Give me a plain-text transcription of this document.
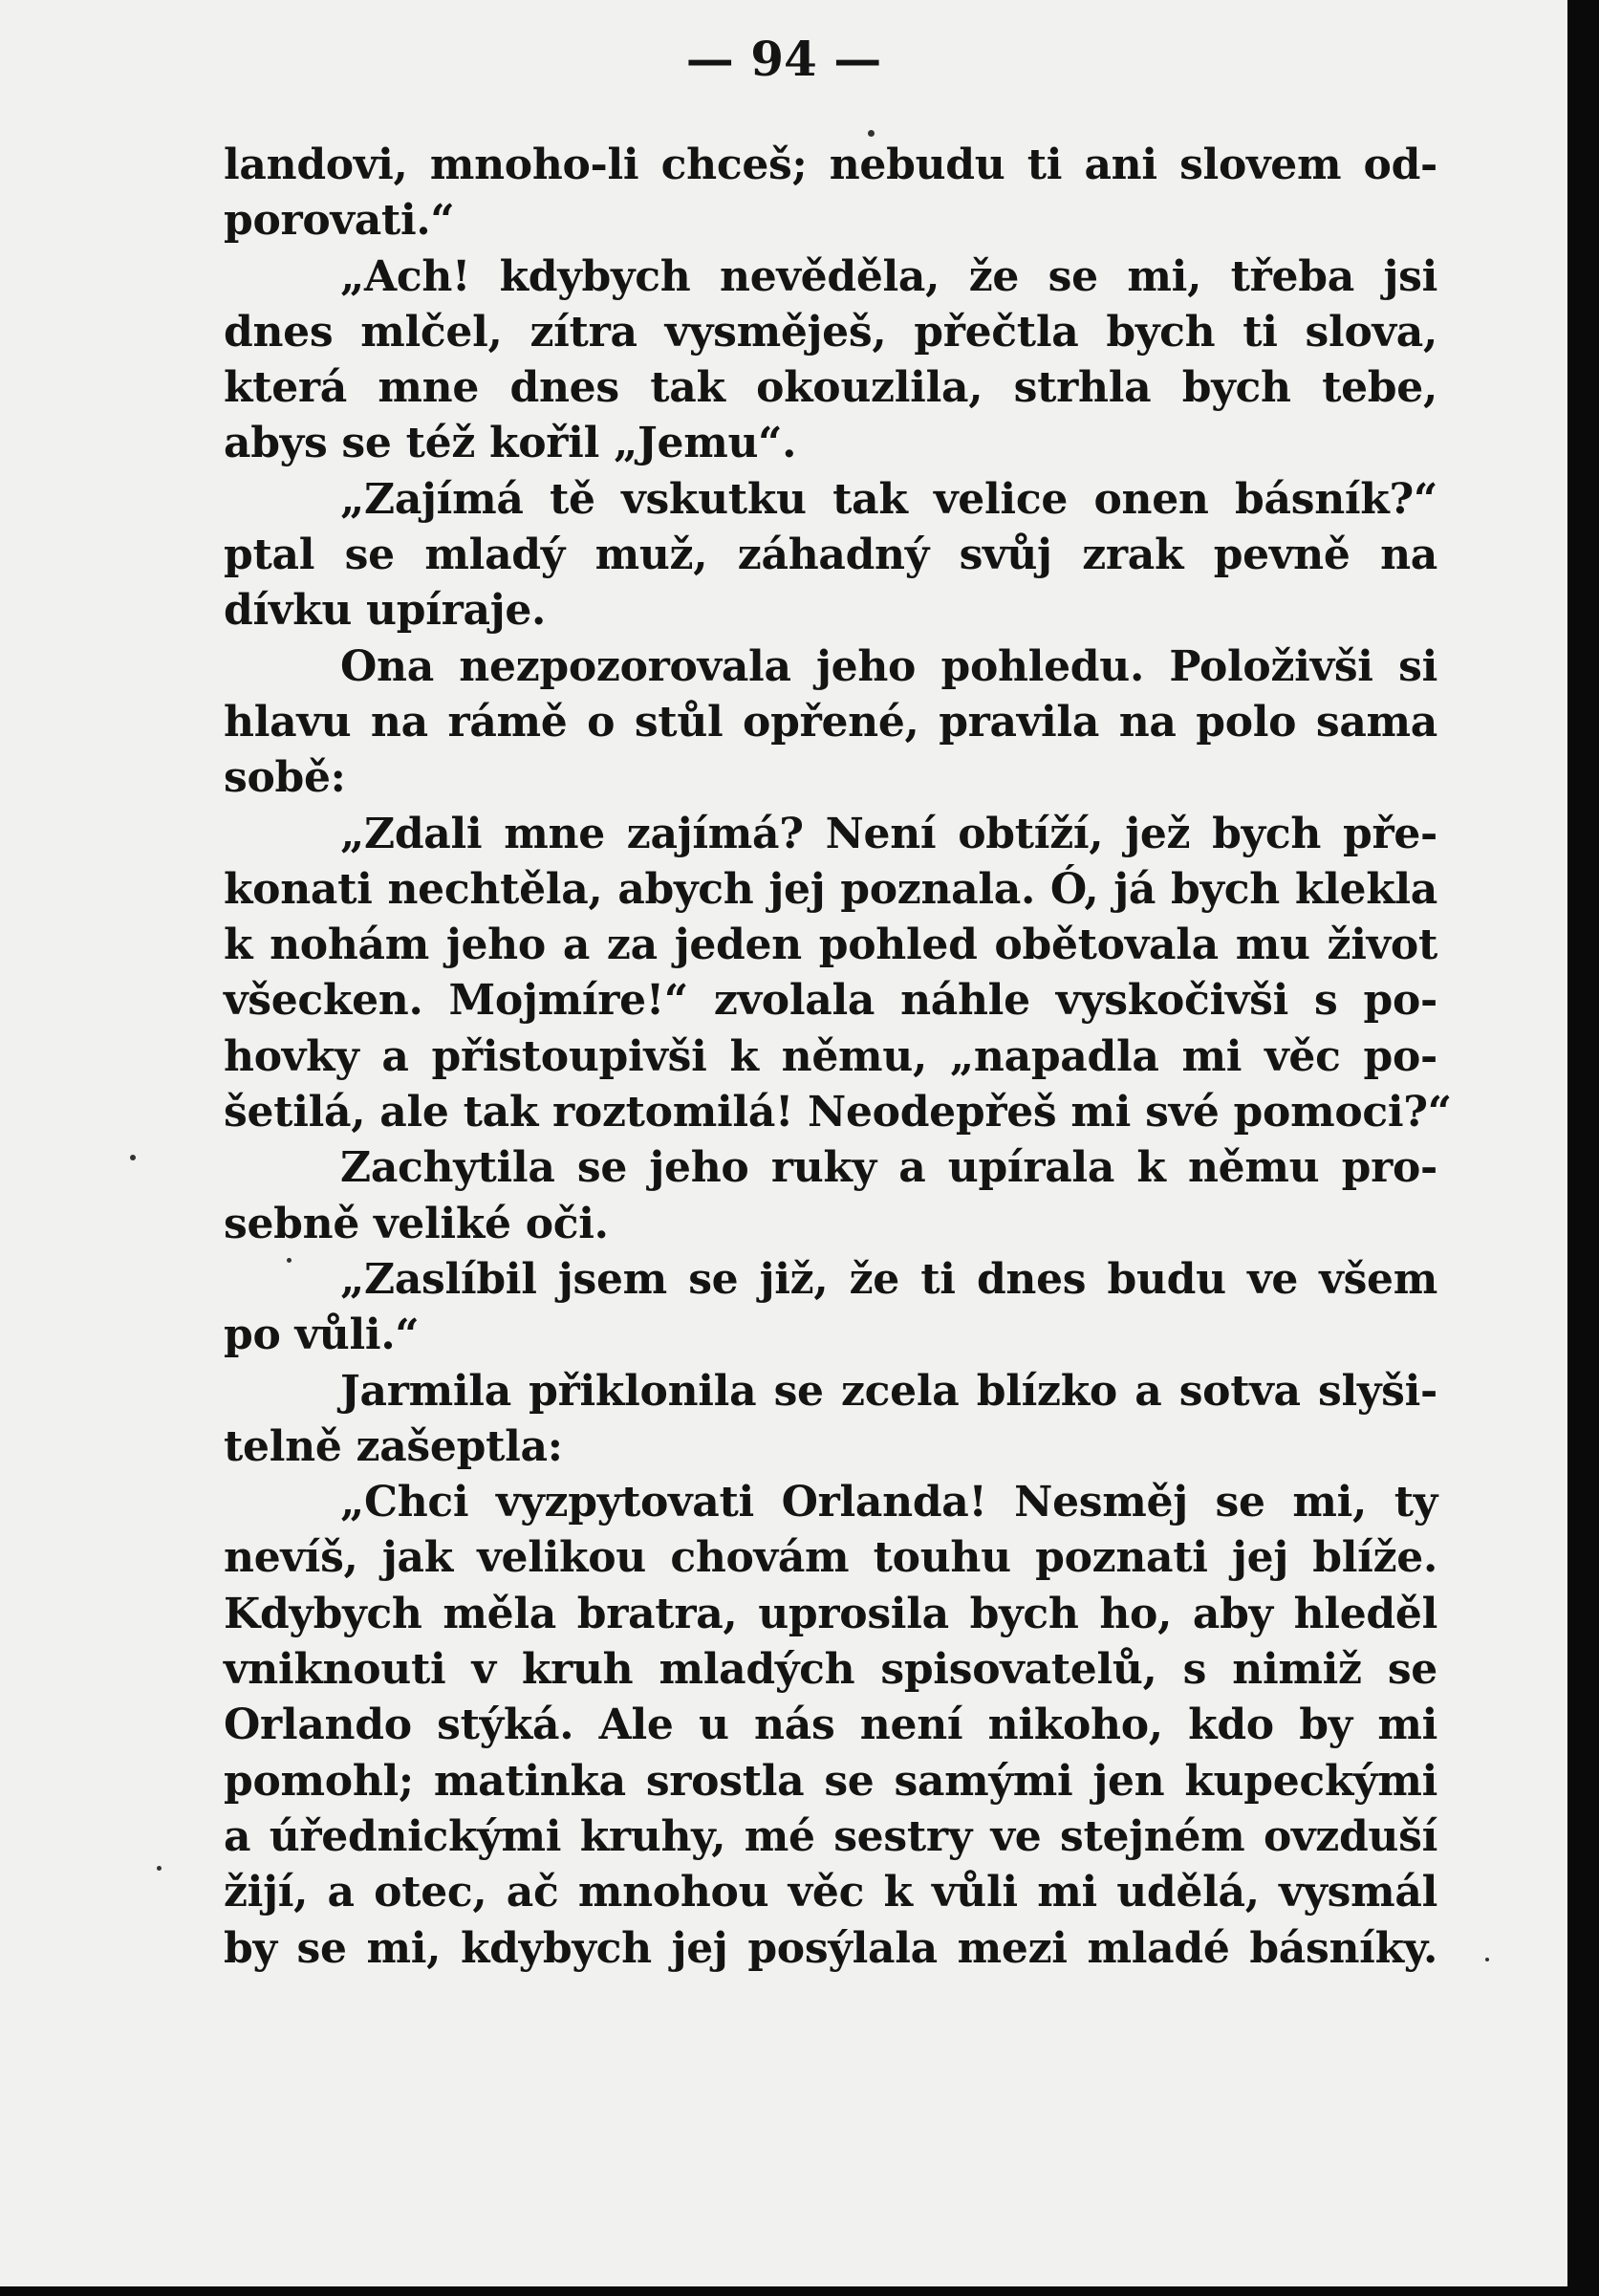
— 94 —
landovi, mnoho-li chceš; nebudu ti ani slovem od-
porovati.“
„Ach! kdybych nevěděla, že se mi, třeba jsi
dnes mlčel, zítra vysměješ, přečtla bych ti slova,
která mne dnes tak okouzlila, strhla bych tebe,
abys se též kořil „Jemu“.
„Zajímá tě vskutku tak velice onen básník?“
ptal se mladý muž, záhadný svůj zrak pevně na
dívku upíraje.
Ona nezpozorovala jeho pohledu. Položivši si
hlavu na rámě o stůl opřené, pravila na polo sama
sobě:
„Zdali mne zajímá? Není obtíží, jež bych pře-
konati nechtěla, abych jej poznala. Ó, já bych klekla
k nohám jeho a za jeden pohled obětovala mu život
všecken. Mojmíre!“ zvolala náhle vyskočivši s po-
hovky a přistoupivši k němu, „napadla mi věc po-
šetilá, ale tak roztomilá! Neodepřeš mi své pomoci?“
Zachytila se jeho ruky a upírala k němu pro-
sebně veliké oči.
„Zaslíbil jsem se již, že ti dnes budu ve všem
po vůli.“
Jarmila přiklonila se zcela blízko a sotva slyši-
telně zašeptla:
„Chci vyzpytovati Orlanda! Nesměj se mi, ty
nevíš, jak velikou chovám touhu poznati jej blíže.
Kdybych měla bratra, uprosila bych ho, aby hleděl
vniknouti v kruh mladých spisovatelů, s nimiž se
Orlando stýká. Ale u nás není nikoho, kdo by mi
pomohl; matinka srostla se samými jen kupeckými
a úřednickými kruhy, mé sestry ve stejném ovzduší
žijí, a otec, ač mnohou věc k vůli mi udělá, vysmál
by se mi, kdybych jej posýlala mezi mladé básníky.
